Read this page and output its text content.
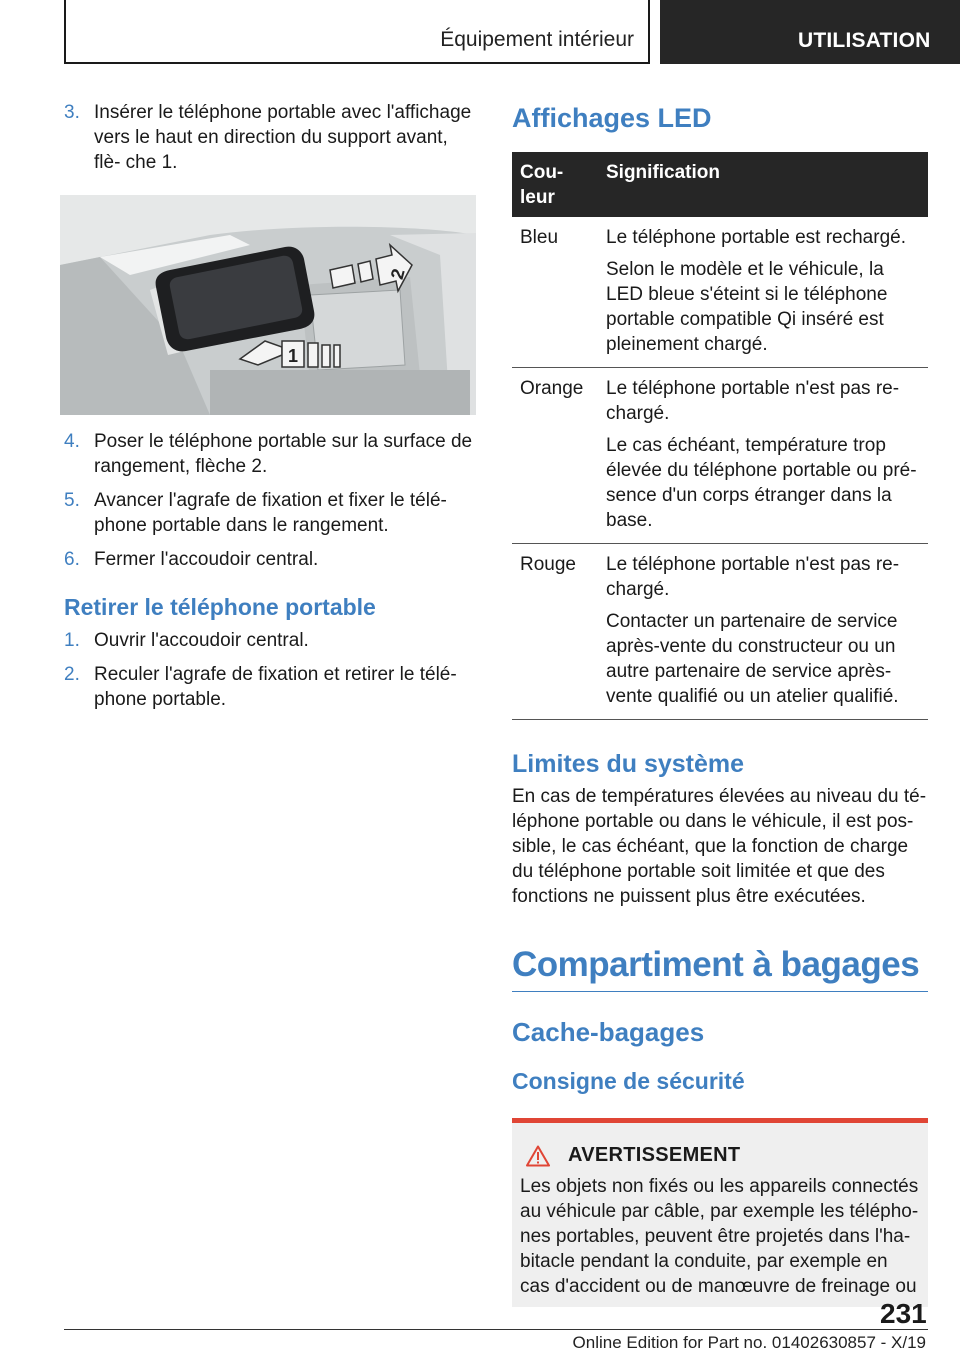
Équipement intérieur	UTILISATION
3. Insérer le téléphone portable avec l'affichage vers le haut en direction du support avant, flè‐ che 1.
2
1
4. Poser le téléphone portable sur la surface de rangement, flèche 2.
5. Avancer l'agrafe de fixation et fixer le télé‐ phone portable dans le rangement.
6. Fermer l'accoudoir central.
Retirer le téléphone portable
1. Ouvrir l'accoudoir central.
2. Reculer l'agrafe de fixation et retirer le télé‐ phone portable.
Affichages LED
Cou‐ leur	Signification
Bleu	Le téléphone portable est rechargé.

Selon le modèle et le véhicule, la LED bleue s'éteint si le téléphone portable compatible Qi inséré est pleinement chargé.

Orange	Le téléphone portable n'est pas re‐ chargé.

Le cas échéant, température trop élevée du téléphone portable ou pré‐ sence d'un corps étranger dans la base.

Rouge	Le téléphone portable n'est pas re‐ chargé.

Contacter un partenaire de service après-vente du constructeur ou un autre partenaire de service après- vente qualifié ou un atelier qualifié.

Limites du système

En cas de températures élevées au niveau du té‐ léphone portable ou dans le véhicule, il est pos‐ sible, le cas échéant, que la fonction de charge du téléphone portable soit limitée et que des fonctions ne puissent plus être exécutées.

Compartiment à bagages
Cache-bagages
Consigne de sécurité
AVERTISSEMENT
Les objets non fixés ou les appareils connectés au véhicule par câble, par exemple les télépho‐ nes portables, peuvent être projetés dans l'ha‐ bitacle pendant la conduite, par exemple en cas d'accident ou de manœuvre de freinage ou
231
Online Edition for Part no. 01402630857 - X/19
